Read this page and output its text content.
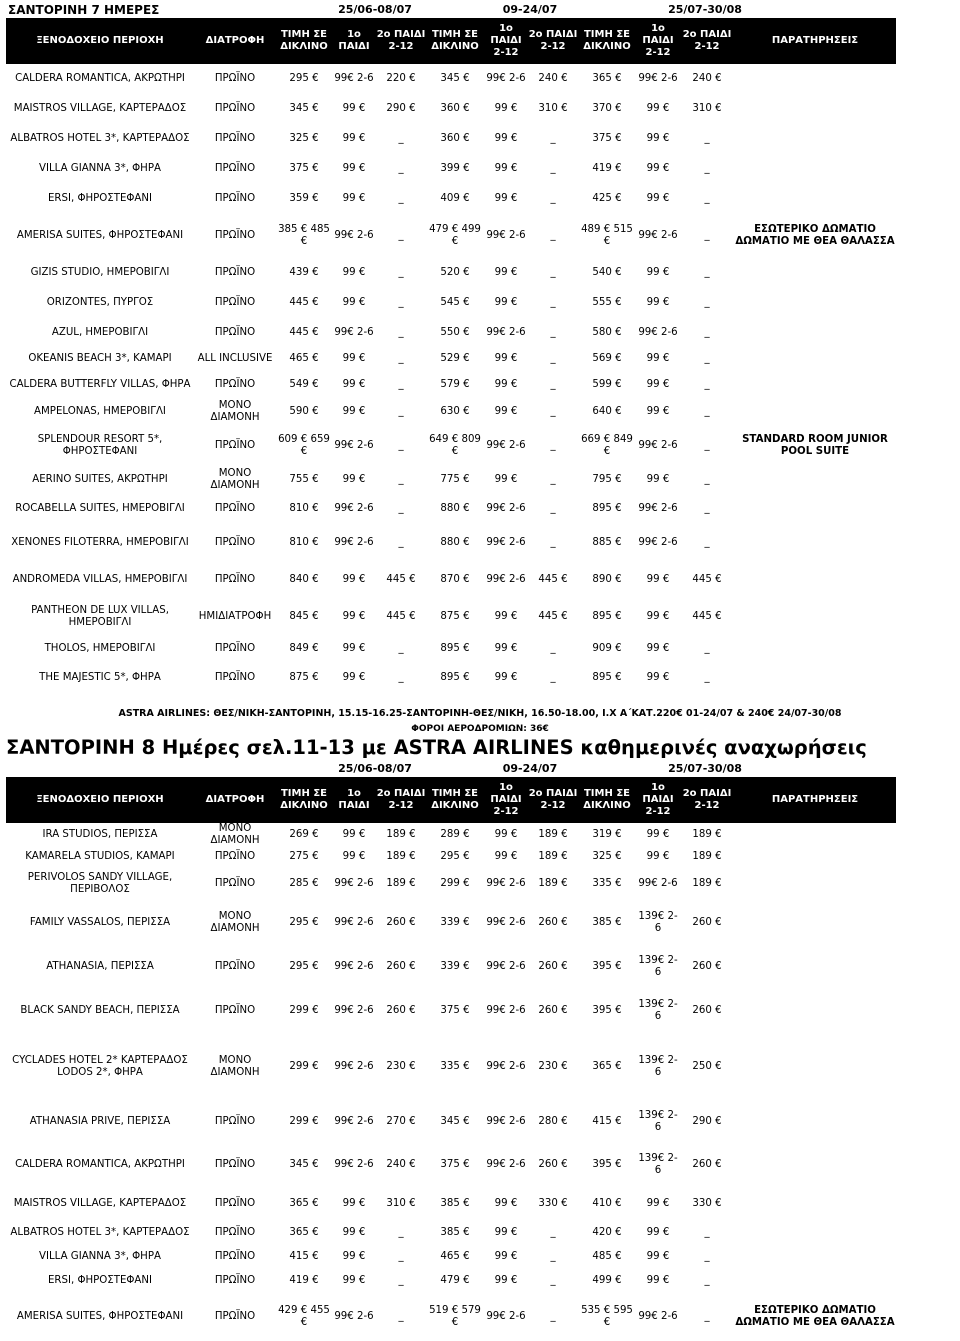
ΣΑΝΤΟΡΙΝΗ 7 ΗΜΕΡΕΣ	25/06-08/07	09-24/07	25/07-30/08
ΞΕΝΟΔΟΧΕΙΟ ΠΕΡΙΟΧΗ	ΔΙΑΤΡΟΦΗ	ΤΙΜΗ ΣΕ ΔΙΚΛΙΝΟ	1ο ΠΑΙΔΙ	2ο ΠΑΙΔΙ 2-12	ΤΙΜΗ ΣΕ ΔΙΚΛΙΝΟ	1ο ΠΑΙΔΙ 2-12	2ο ΠΑΙΔΙ 2-12	ΤΙΜΗ ΣΕ ΔΙΚΛΙΝΟ	1ο ΠΑΙΔΙ 2-12	2ο ΠΑΙΔΙ 2-12	ΠΑΡΑΤΗΡΗΣΕΙΣ
CALDERA ROMANTICA, ΑΚΡΩΤΗΡΙ	ΠΡΩΪΝΟ	295 €	99€ 2-6	220 €	345 €	99€ 2-6	240 €	365 €	99€ 2-6	240 €	
MAISTROS VILLAGE, ΚΑΡΤΕΡΑΔΟΣ	ΠΡΩΪΝΟ	345 €	99 €	290 €	360 €	99 €	310 €	370 €	99 €	310 €	
ALBATROS HOTEL 3*, ΚΑΡΤΕΡΑΔΟΣ	ΠΡΩΪΝΟ	325 €	99 €	_	360 €	99 €	_	375 €	99 €	_	
VILLA GIANNA 3*, ΦΗΡΑ	ΠΡΩΪΝΟ	375 €	99 €	_	399 €	99 €	_	419 €	99 €	_	
ERSI, ΦΗΡΟΣΤΕΦΑΝΙ	ΠΡΩΪΝΟ	359 €	99 €	_	409 €	99 €	_	425 €	99 €	_	
AMERISA SUITES, ΦΗΡΟΣΤΕΦΑΝΙ	ΠΡΩΪΝΟ	385 € 485 €	99€ 2-6	_	479 € 499 €	99€ 2-6	_	489 € 515 €	99€ 2-6	_	ΕΣΩΤΕΡΙΚΟ ΔΩΜΑΤΙΟ ΔΩΜΑΤΙΟ ΜΕ ΘΕΑ ΘΑΛΑΣΣΑ
GIZIS STUDIO, ΗΜΕΡΟΒΙΓΛΙ	ΠΡΩΪΝΟ	439 €	99 €	_	520 €	99 €	_	540 €	99 €	_	
ORIZONTES, ΠΥΡΓΟΣ	ΠΡΩΪΝΟ	445 €	99 €	_	545 €	99 €	_	555 €	99 €	_	
AZUL, ΗΜΕΡΟΒΙΓΛΙ	ΠΡΩΪΝΟ	445 €	99€ 2-6	_	550 €	99€ 2-6	_	580 €	99€ 2-6	_	
OKEANIS BEACH 3*, ΚΑΜΑΡΙ	ALL INCLUSIVE	465 €	99 €	_	529 €	99 €	_	569 €	99 €	_	
CALDERA BUTTERFLY VILLAS, ΦΗΡΑ	ΠΡΩΪΝΟ	549 €	99 €	_	579 €	99 €	_	599 €	99 €	_	
AMPELONAS, ΗΜΕΡΟΒΙΓΛΙ	ΜΟΝΟ ΔΙΑΜΟΝΗ	590 €	99 €	_	630 €	99 €	_	640 €	99 €	_	
SPLENDOUR RESORT 5*, ΦΗΡΟΣΤΕΦΑΝΙ	ΠΡΩΪΝΟ	609 € 659 €	99€ 2-6	_	649 € 809 €	99€ 2-6	_	669 € 849 €	99€ 2-6	_	STANDARD ROOM JUNIOR POOL SUITE
AERINO SUITES, ΑΚΡΩΤΗΡΙ	ΜΟΝΟ ΔΙΑΜΟΝΗ	755 €	99 €	_	775 €	99 €	_	795 €	99 €	_	
ROCABELLA SUITES, ΗΜΕΡΟΒΙΓΛΙ	ΠΡΩΪΝΟ	810 €	99€ 2-6	_	880 €	99€ 2-6	_	895 €	99€ 2-6	_	
XENONES FILOTERRA, ΗΜΕΡΟΒΙΓΛΙ	ΠΡΩΪΝΟ	810 €	99€ 2-6	_	880 €	99€ 2-6	_	885 €	99€ 2-6	_	
ANDROMEDA VILLAS, ΗΜΕΡΟΒΙΓΛΙ	ΠΡΩΪΝΟ	840 €	99 €	445 €	870 €	99€ 2-6	445 €	890 €	99 €	445 €	
PANTHEON DE LUX VILLAS, ΗΜΕΡΟΒΙΓΛΙ	ΗΜΙΔΙΑΤΡΟΦΗ	845 €	99 €	445 €	875 €	99 €	445 €	895 €	99 €	445 €	
THOLOS, ΗΜΕΡΟΒΙΓΛΙ	ΠΡΩΪΝΟ	849 €	99 €	_	895 €	99 €	_	909 €	99 €	_	
THE MAJESTIC 5*, ΦΗΡΑ	ΠΡΩΪΝΟ	875 €	99 €	_	895 €	99 €	_	895 €	99 €	_	
ASTRA AIRLINES: ΘΕΣ/ΝΙΚΗ-ΣΑΝΤΟΡΙΝΗ, 15.15-16.25-ΣΑΝΤΟΡΙΝΗ-ΘΕΣ/ΝΙΚΗ, 16.50-18.00, Ι.Χ Α΄ΚΑΤ.220€ 01-24/07 & 240€ 24/07-30/08
ΦΟΡΟΙ ΑΕΡΟΔΡΟΜΙΩΝ: 36€
ΣΑΝΤΟΡΙΝΗ 8 Ημέρες σελ.11-13 με ASTRA AIRLINES καθημερινές αναχωρήσεις
25/06-08/07	09-24/07	25/07-30/08
ΞΕΝΟΔΟΧΕΙΟ ΠΕΡΙΟΧΗ	ΔΙΑΤΡΟΦΗ	ΤΙΜΗ ΣΕ ΔΙΚΛΙΝΟ	1ο ΠΑΙΔΙ	2ο ΠΑΙΔΙ 2-12	ΤΙΜΗ ΣΕ ΔΙΚΛΙΝΟ	1ο ΠΑΙΔΙ 2-12	2ο ΠΑΙΔΙ 2-12	ΤΙΜΗ ΣΕ ΔΙΚΛΙΝΟ	1ο ΠΑΙΔΙ 2-12	2ο ΠΑΙΔΙ 2-12	ΠΑΡΑΤΗΡΗΣΕΙΣ
IRA STUDIOS, ΠΕΡΙΣΣΑ	ΜΟΝΟ ΔΙΑΜΟΝΗ	269 €	99 €	189 €	289 €	99 €	189 €	319 €	99 €	189 €	
KAMARELA STUDIOS, ΚΑΜΑΡΙ	ΠΡΩΪΝΟ	275 €	99 €	189 €	295 €	99 €	189 €	325 €	99 €	189 €	
PERIVOLOS SANDY VILLAGE, ΠΕΡΙΒΟΛΟΣ	ΠΡΩΪΝΟ	285 €	99€ 2-6	189 €	299 €	99€ 2-6	189 €	335 €	99€ 2-6	189 €	
FAMILY VASSALOS, ΠΕΡΙΣΣΑ	ΜΟΝΟ ΔΙΑΜΟΝΗ	295 €	99€ 2-6	260 €	339 €	99€ 2-6	260 €	385 €	139€ 2-6	260 €	
ATHANASIA, ΠΕΡΙΣΣΑ	ΠΡΩΪΝΟ	295 €	99€ 2-6	260 €	339 €	99€ 2-6	260 €	395 €	139€ 2-6	260 €	
BLACK SANDY BEACH, ΠΕΡΙΣΣΑ	ΠΡΩΪΝΟ	299 €	99€ 2-6	260 €	375 €	99€ 2-6	260 €	395 €	139€ 2-6	260 €	
CYCLADES HOTEL 2* ΚΑΡΤΕΡΑΔΟΣ LODOS 2*, ΦΗΡΑ	ΜΟΝΟ ΔΙΑΜΟΝΗ	299 €	99€ 2-6	230 €	335 €	99€ 2-6	230 €	365 €	139€ 2-6	250 €	
ATHANASIA PRIVE, ΠΕΡΙΣΣΑ	ΠΡΩΪΝΟ	299 €	99€ 2-6	270 €	345 €	99€ 2-6	280 €	415 €	139€ 2-6	290 €	
CALDERA ROMANTICA, ΑΚΡΩΤΗΡΙ	ΠΡΩΪΝΟ	345 €	99€ 2-6	240 €	375 €	99€ 2-6	260 €	395 €	139€ 2-6	260 €	
MAISTROS VILLAGE, ΚΑΡΤΕΡΑΔΟΣ	ΠΡΩΪΝΟ	365 €	99 €	310 €	385 €	99 €	330 €	410 €	99 €	330 €	
ALBATROS HOTEL 3*, ΚΑΡΤΕΡΑΔΟΣ	ΠΡΩΪΝΟ	365 €	99 €	_	385 €	99 €	_	420 €	99 €	_	
VILLA GIANNA 3*, ΦΗΡΑ	ΠΡΩΪΝΟ	415 €	99 €	_	465 €	99 €	_	485 €	99 €	_	
ERSI, ΦΗΡΟΣΤΕΦΑΝΙ	ΠΡΩΪΝΟ	419 €	99 €	_	479 €	99 €	_	499 €	99 €	_	
AMERISA SUITES, ΦΗΡΟΣΤΕΦΑΝΙ	ΠΡΩΪΝΟ	429 € 455 €	99€ 2-6	_	519 € 579 €	99€ 2-6	_	535 € 595 €	99€ 2-6	_	ΕΣΩΤΕΡΙΚΟ ΔΩΜΑΤΙΟ ΔΩΜΑΤΙΟ ΜΕ ΘΕΑ ΘΑΛΑΣΣΑ
